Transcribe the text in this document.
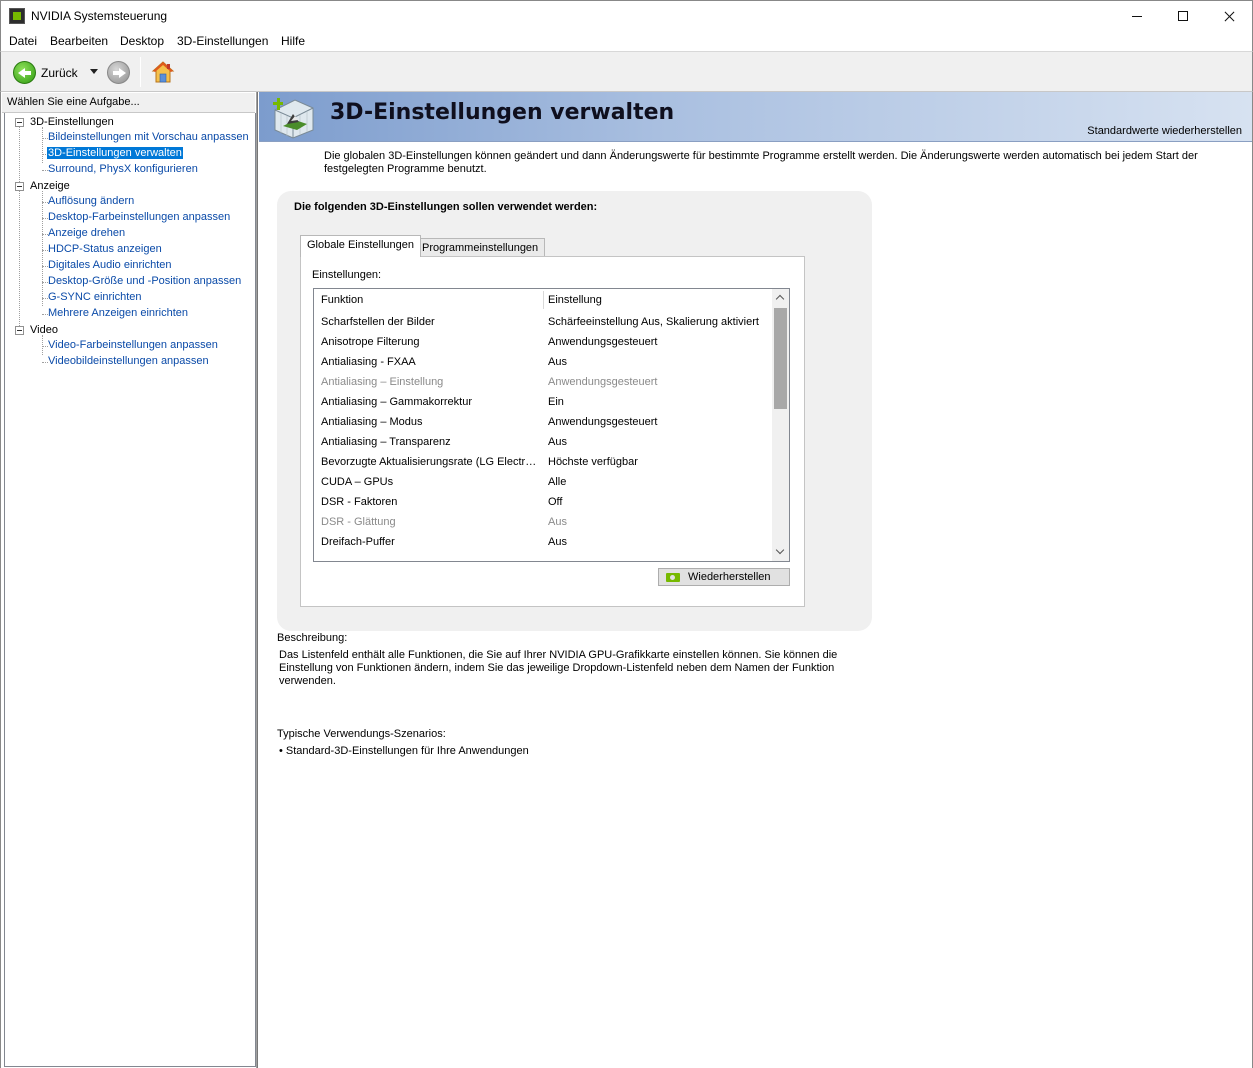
NVIDIA Systemsteuerung
Datei Bearbeiten Desktop 3D-Einstellungen Hilfe
Zurück
Wählen Sie eine Aufgabe...
3D-Einstellungen
Bildeinstellungen mit Vorschau anpassen
3D-Einstellungen verwalten
Surround, PhysX konfigurieren
Anzeige
Auflösung ändern
Desktop-Farbeinstellungen anpassen
Anzeige drehen
HDCP-Status anzeigen
Digitales Audio einrichten
Desktop-Größe und -Position anpassen
G-SYNC einrichten
Mehrere Anzeigen einrichten
Video
Video-Farbeinstellungen anpassen
Videobildeinstellungen anpassen
3D-Einstellungen verwalten
Standardwerte wiederherstellen

Die globalen 3D-Einstellungen können geändert und dann Änderungswerte für bestimmte Programme erstellt werden. Die Änderungswerte werden automatisch bei jedem Start der festgelegten Programme benutzt.

Die folgenden 3D-Einstellungen sollen verwendet werden:
Globale Einstellungen Programmeinstellungen
Einstellungen:
Funktion	Einstellung
Scharfstellen der Bilder	Schärfeeinstellung Aus, Skalierung aktiviert
Anisotrope Filterung	Anwendungsgesteuert
Antialiasing - FXAA	Aus
Antialiasing – Einstellung	Anwendungsgesteuert
Antialiasing – Gammakorrektur	Ein
Antialiasing – Modus	Anwendungsgesteuert
Antialiasing – Transparenz	Aus
Bevorzugte Aktualisierungsrate (LG Electr… Höchste verfügbar
CUDA – GPUs	Alle
DSR - Faktoren	Off
DSR - Glättung	Aus
Dreifach-Puffer	Aus
Wiederherstellen
Beschreibung:

Das Listenfeld enthält alle Funktionen, die Sie auf Ihrer NVIDIA GPU-Grafikkarte einstellen können. Sie können die Einstellung von Funktionen ändern, indem Sie das jeweilige Dropdown-Listenfeld neben dem Namen der Funktion verwenden.

Typische Verwendungs-Szenarios:
• Standard-3D-Einstellungen für Ihre Anwendungen
